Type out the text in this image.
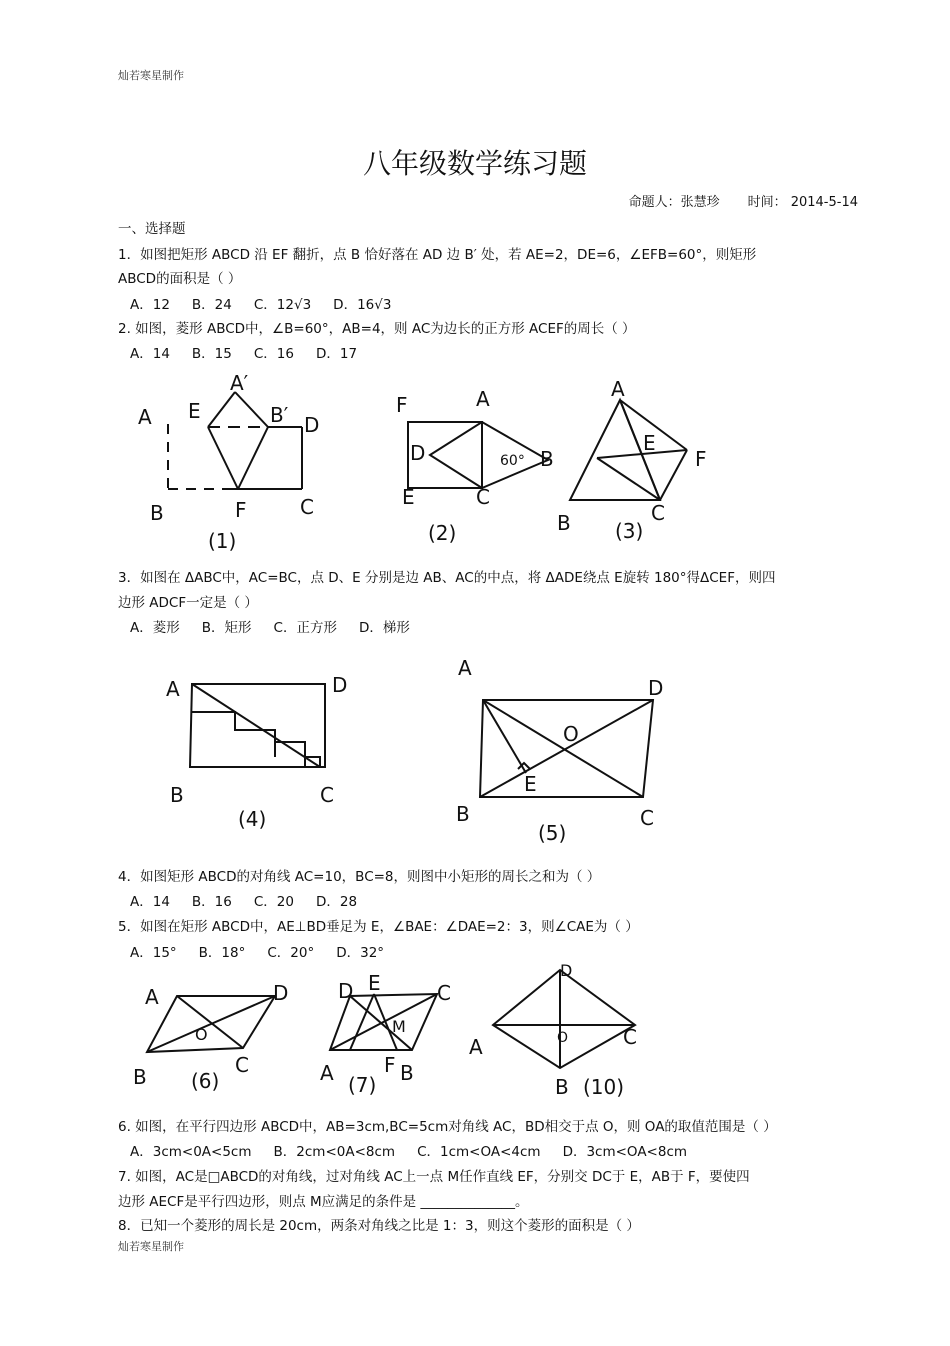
灿若寒星制作
八年级数学练习题
命题人：张慧珍 时间： 2014-5-14
一、选择题
1．如图把矩形 ABCD 沿 EF 翻折，点 B 恰好落在 AD 边 B′ 处，若 AE=2，DE=6，∠EFB=60°，则矩形
ABCD的面积是（ ）
A．12 B．24 C．12√3 D．16√3
2. 如图，菱形 ABCD中，∠B=60°，AB=4，则 AC为边长的正方形 ACEF的周长（ ）
A．14 B．15 C．16 D．17
A E
A′
B′ D
B	F	C
(1)
F	A
D	60° B
E	C
(2)
A
E
F
B	C
(3)
3．如图在 ΔABC中，AC=BC，点 D、E 分别是边 AB、AC的中点，将 ΔADE绕点 E旋转 180°得ΔCEF，则四
边形 ADCF一定是（ ）
A．菱形 B．矩形 C．正方形 D．梯形
A	D
B	C
(4)
A
D
O
E
B	C
(5)
4．如图矩形 ABCD的对角线 AC=10，BC=8，则图中小矩形的周长之和为（ ）
A．14 B．16 C．20 D．28
5．如图在矩形 ABCD中，AE⊥BD垂足为 E，∠BAE：∠DAE=2：3，则∠CAE为（ ）
A．15° B．18° C．20° D．32°
A	D
O
B	C
(6)
D E	C
M
A	F B
(7)
D
A	O	C
B (10)
6. 如图，在平行四边形 ABCD中，AB=3cm,BC=5cm对角线 AC，BD相交于点 O，则 OA的取值范围是（ ）
A．3cm<0A<5cm B．2cm<0A<8cm C．1cm<OA<4cm D．3cm<OA<8cm
7. 如图，AC是□ABCD的对角线，过对角线 AC上一点 M任作直线 EF，分别交 DC于 E，AB于 F，要使四
边形 AECF是平行四边形，则点 M应满足的条件是 ______________。
8．已知一个菱形的周长是 20cm，两条对角线之比是 1：3，则这个菱形的面积是（ ）
灿若寒星制作
